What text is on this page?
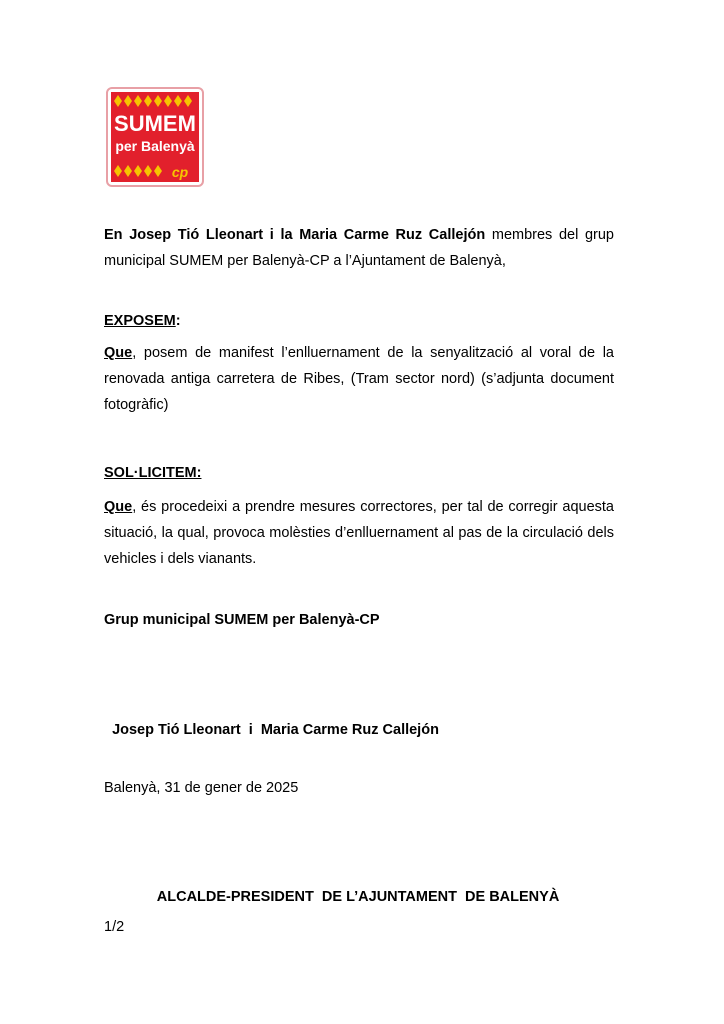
SUMEM
per Balenyà
cp

En Josep Tió Lleonart i la Maria Carme Ruz Callejón membres del grup municipal SUMEM per Balenyà-CP a l’Ajuntament de Balenyà,

EXPOSEM:

Que, posem de manifest l’enlluernament de la senyalització al voral de la renovada antiga carretera de Ribes, (Tram sector nord) (s’adjunta document fotogràfic)

SOL·LICITEM:

Que, és procedeixi a prendre mesures correctores, per tal de corregir aquesta situació, la qual, provoca molèsties d’enlluernament al pas de la circulació dels vehicles i dels vianants.

Grup municipal SUMEM per Balenyà-CP

Josep Tió Lleonart  i  Maria Carme Ruz Callejón

Balenyà, 31 de gener de 2025

ALCALDE-PRESIDENT  DE L’AJUNTAMENT  DE BALENYÀ

1/2
